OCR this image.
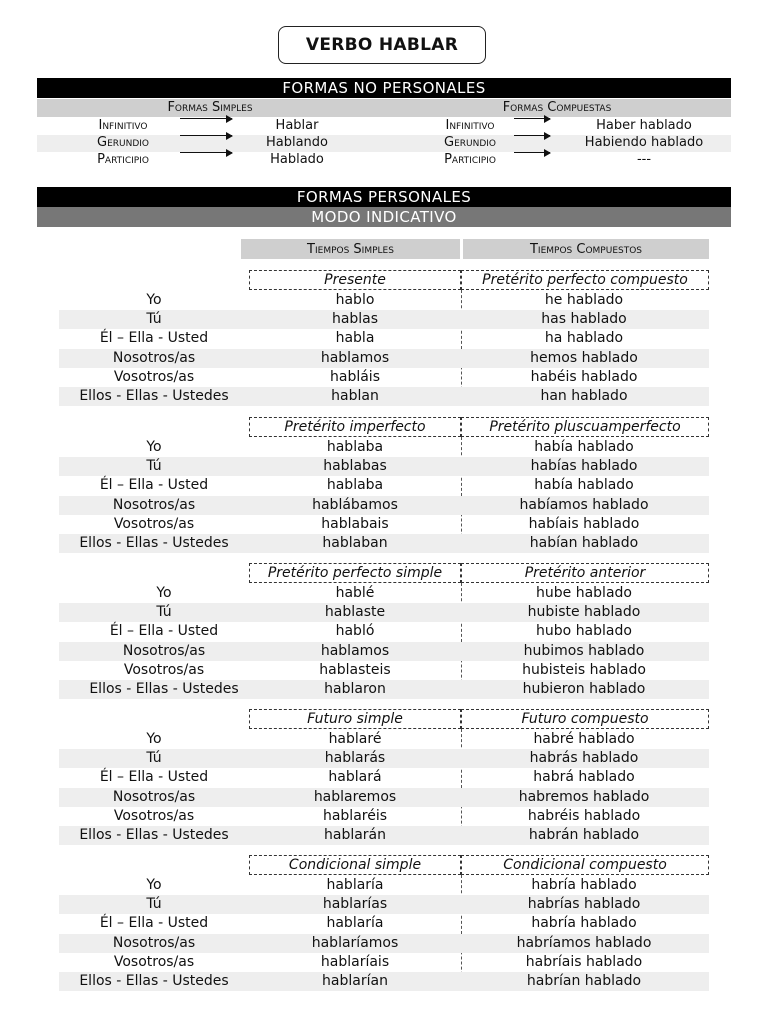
VERBO HABLAR
FORMAS NO PERSONALES
Formas Simples	Formas Compuestas
Infinitivo	Hablar	Infinitivo	Haber hablado
Gerundio	Hablando	Gerundio	Habiendo hablado
Participio	Hablado	Participio	---
FORMAS PERSONALES
MODO INDICATIVO
Tiempos Simples	Tiempos Compuestos
Presente	Pretérito perfecto compuesto
Yo	hablo	he hablado
Tú	hablas	has hablado
Él – Ella - Usted	habla	ha hablado
Nosotros/as	hablamos	hemos hablado
Vosotros/as	habláis	habéis hablado
Ellos - Ellas - Ustedes	hablan	han hablado
Pretérito imperfecto	Pretérito pluscuamperfecto
Yo	hablaba	había hablado
Tú	hablabas	habías hablado
Él – Ella - Usted	hablaba	había hablado
Nosotros/as	hablábamos	habíamos hablado
Vosotros/as	hablabais	habíais hablado
Ellos - Ellas - Ustedes	hablaban	habían hablado
Pretérito perfecto simple	Pretérito anterior
Yo	hablé	hube hablado
Tú	hablaste	hubiste hablado
Él – Ella - Usted	habló	hubo hablado
Nosotros/as	hablamos	hubimos hablado
Vosotros/as	hablasteis	hubisteis hablado
Ellos - Ellas - Ustedes	hablaron	hubieron hablado
Futuro simple	Futuro compuesto
Yo	hablaré	habré hablado
Tú	hablarás	habrás hablado
Él – Ella - Usted	hablará	habrá hablado
Nosotros/as	hablaremos	habremos hablado
Vosotros/as	hablaréis	habréis hablado
Ellos - Ellas - Ustedes	hablarán	habrán hablado
Condicional simple	Condicional compuesto
Yo	hablaría	habría hablado
Tú	hablarías	habrías hablado
Él – Ella - Usted	hablaría	habría hablado
Nosotros/as	hablaríamos	habríamos hablado
Vosotros/as	hablaríais	habríais hablado
Ellos - Ellas - Ustedes	hablarían	habrían hablado
